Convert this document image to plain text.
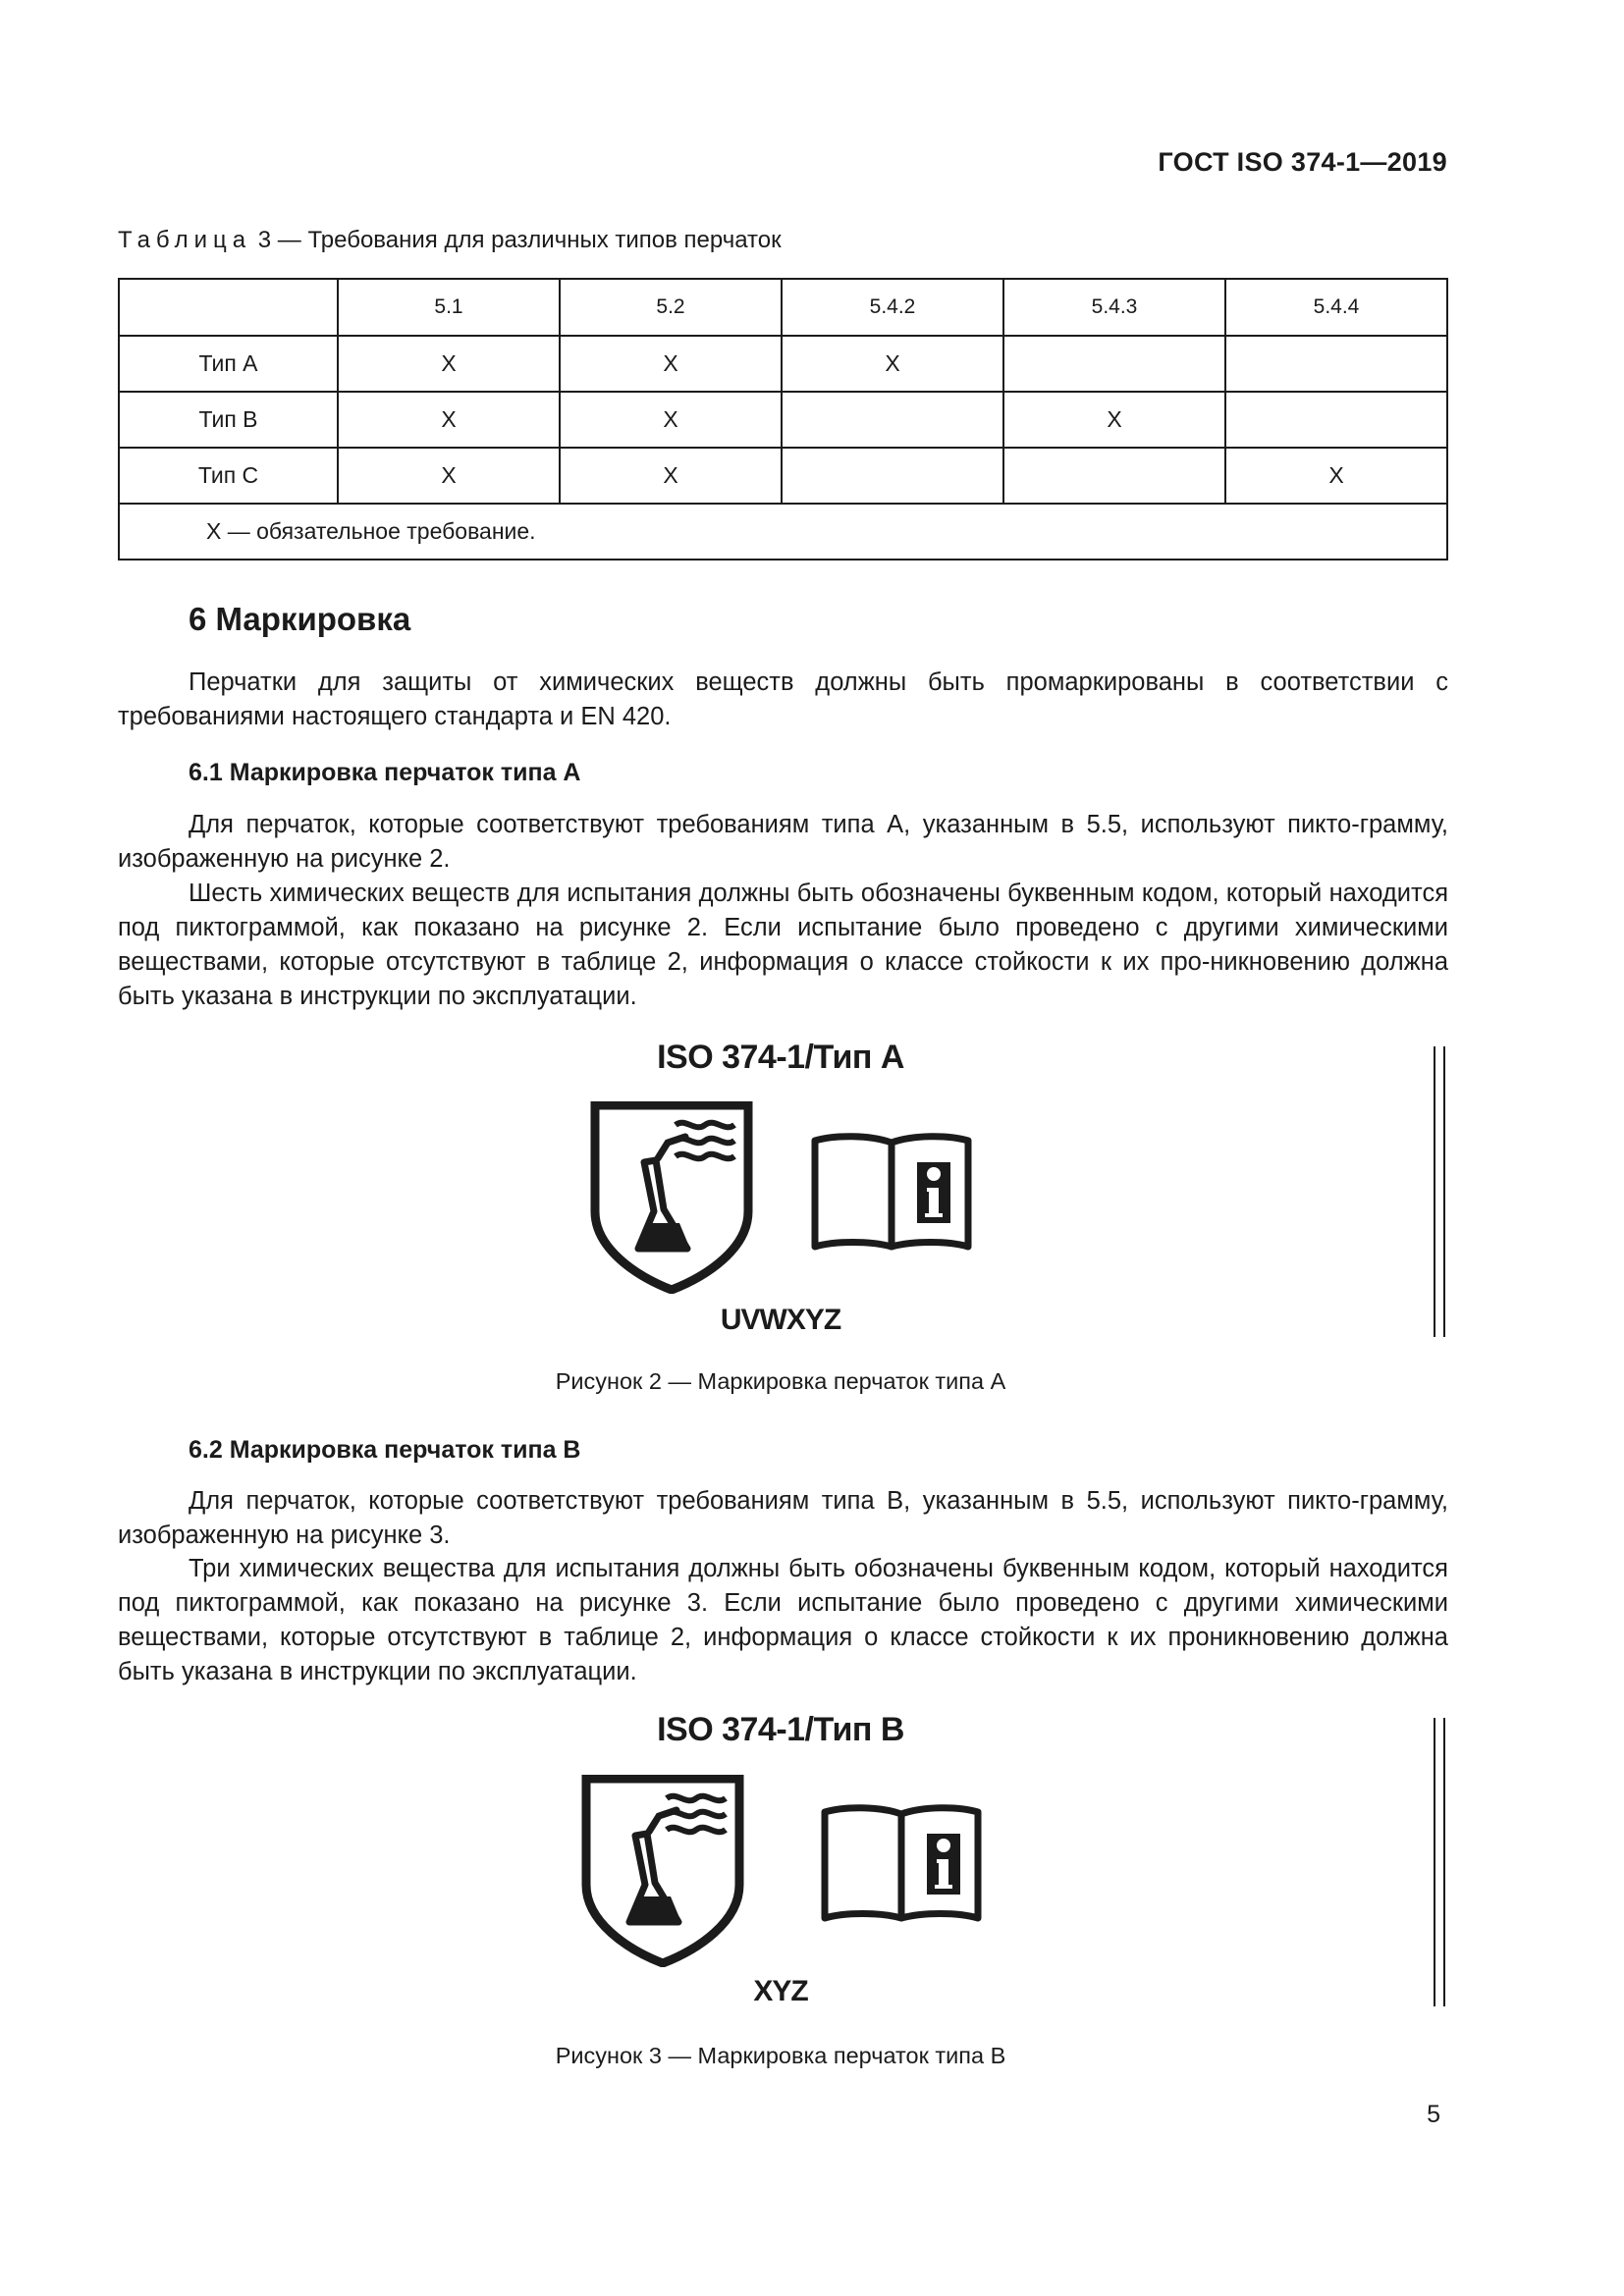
ГОСТ ISO 374-1—2019
Таблица 3 — Требования для различных типов перчаток
	5.1	5.2	5.4.2	5.4.3	5.4.4
Тип A	X	X	X		
Тип B	X	X		X	
Тип C	X	X			X
X — обязательное требование.					
6 Маркировка

Перчатки для защиты от химических веществ должны быть промаркированы в соответствии с требованиями настоящего стандарта и EN 420.

6.1 Маркировка перчаток типа A

Для перчаток, которые соответствуют требованиям типа А, указанным в 5.5, используют пикто-грамму, изображенную на рисунке 2.

Шесть химических веществ для испытания должны быть обозначены буквенным кодом, который находится под пиктограммой, как показано на рисунке 2. Если испытание было проведено с другими химическими веществами, которые отсутствуют в таблице 2, информация о классе стойкости к их про-никновению должна быть указана в инструкции по эксплуатации.

ISO 374-1/Тип A
UVWXYZ
Рисунок 2 — Маркировка перчаток типа A
6.2 Маркировка перчаток типа B

Для перчаток, которые соответствуют требованиям типа В, указанным в 5.5, используют пикто-грамму, изображенную на рисунке 3.

Три химических вещества для испытания должны быть обозначены буквенным кодом, который находится под пиктограммой, как показано на рисунке 3. Если испытание было проведено с другими химическими веществами, которые отсутствуют в таблице 2, информация о классе стойкости к их проникновению должна быть указана в инструкции по эксплуатации.

ISO 374-1/Тип B
XYZ
Рисунок 3 — Маркировка перчаток типа B
5
